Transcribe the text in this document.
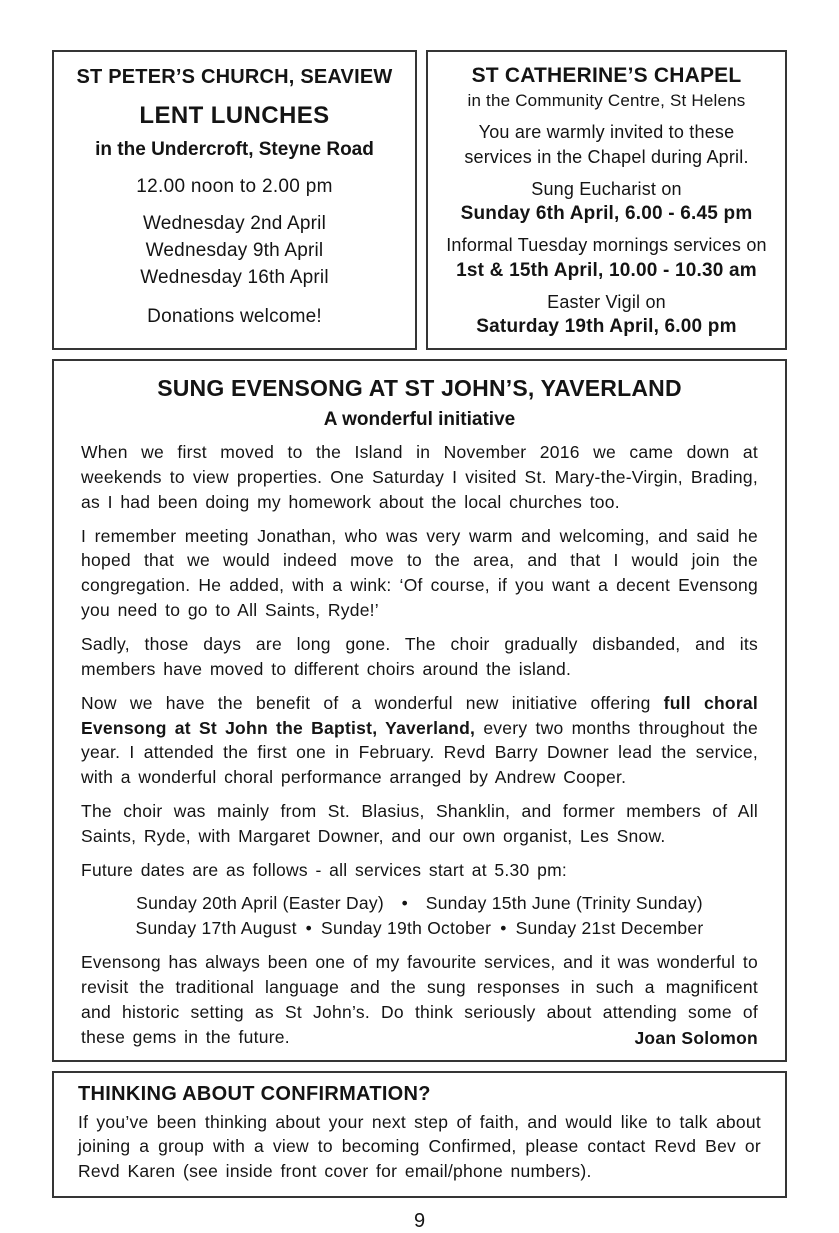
ST PETER’S CHURCH, SEAVIEW
LENT LUNCHES
in the Undercroft, Steyne Road
12.00 noon to 2.00 pm
Wednesday 2nd April
Wednesday 9th April
Wednesday 16th April
Donations welcome!
ST CATHERINE’S CHAPEL
in the Community Centre, St Helens
You are warmly invited to these services in the Chapel during April.
Sung Eucharist on
Sunday 6th April, 6.00 - 6.45 pm
Informal Tuesday mornings services on
1st & 15th April, 10.00 - 10.30 am
Easter Vigil on
Saturday 19th April, 6.00 pm
SUNG EVENSONG AT ST JOHN’S, YAVERLAND
A wonderful initiative

When we first moved to the Island in November 2016 we came down at weekends to view properties. One Saturday I visited St. Mary-the-Virgin, Brading, as I had been doing my homework about the local churches too.

I remember meeting Jonathan, who was very warm and welcoming, and said he hoped that we would indeed move to the area, and that I would join the congregation. He added, with a wink: ‘Of course, if you want a decent Evensong you need to go to All Saints, Ryde!’

Sadly, those days are long gone. The choir gradually disbanded, and its members have moved to different choirs around the island.

Now we have the benefit of a wonderful new initiative offering full choral Evensong at St John the Baptist, Yaverland, every two months throughout the year. I attended the first one in February. Revd Barry Downer lead the service, with a wonderful choral performance arranged by Andrew Cooper.

The choir was mainly from St. Blasius, Shanklin, and former members of All Saints, Ryde, with Margaret Downer, and our own organist, Les Snow.

Future dates are as follows - all services start at 5.30 pm:

Sunday 20th April (Easter Day) • Sunday 15th June (Trinity Sunday)
Sunday 17th August • Sunday 19th October • Sunday 21st December

Evensong has always been one of my favourite services, and it was wonderful to revisit the traditional language and the sung responses in such a magnificent and historic setting as St John’s. Do think seriously about attending some of these gems in the future.	Joan Solomon
THINKING ABOUT CONFIRMATION?
If you’ve been thinking about your next step of faith, and would like to talk about joining a group with a view to becoming Confirmed, please contact Revd Bev or Revd Karen (see inside front cover for email/phone numbers).
9
